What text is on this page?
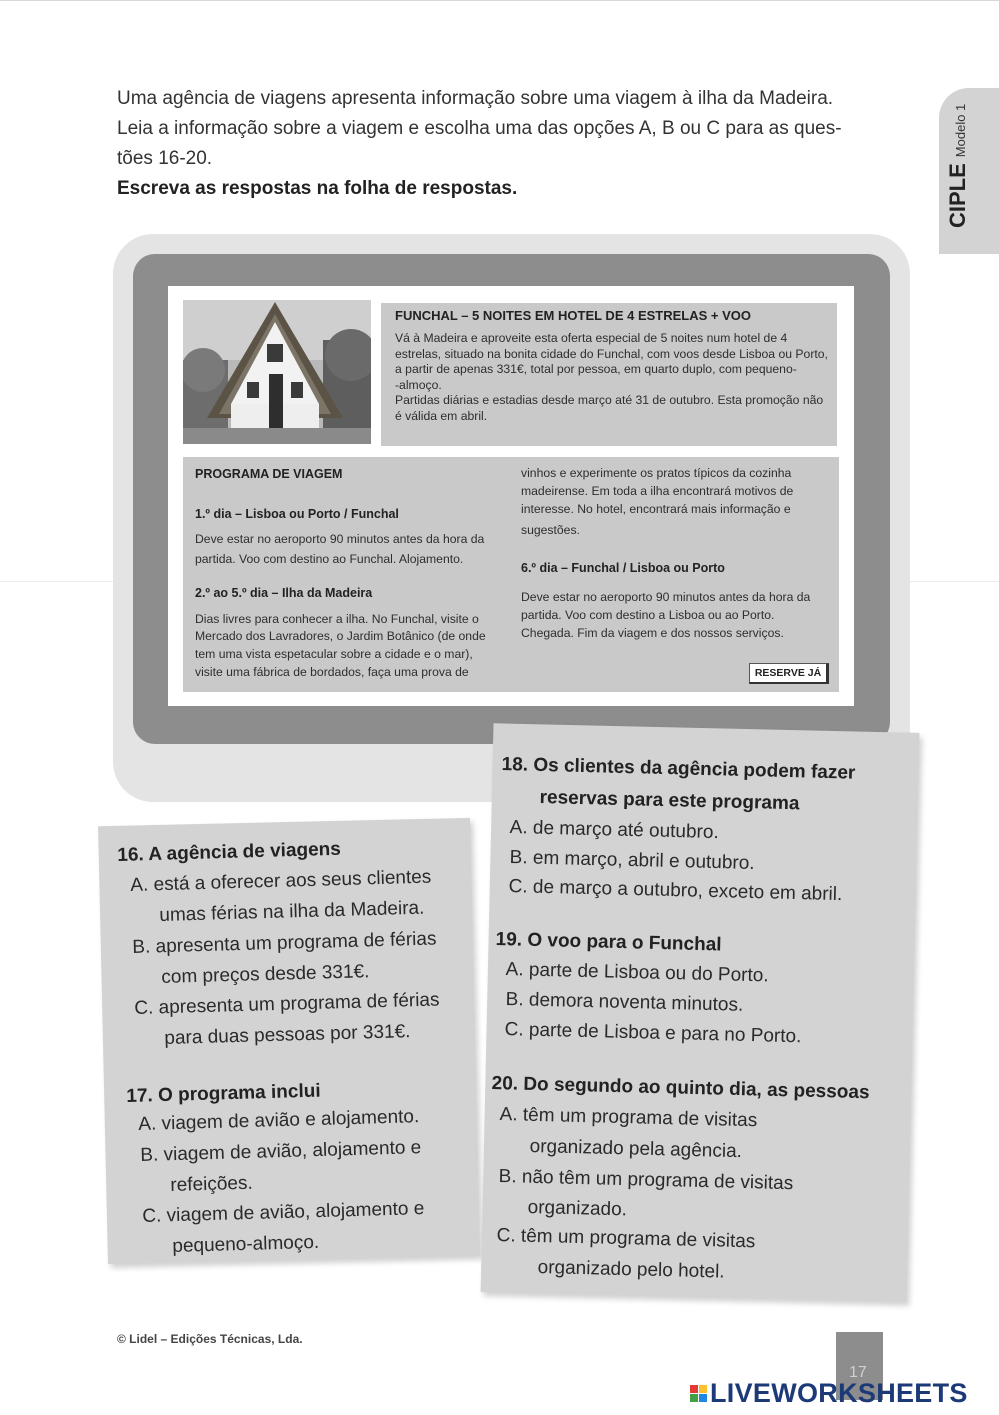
Uma agência de viagens apresenta informação sobre uma viagem à ilha da Madeira.

Leia a informação sobre a viagem e escolha uma das opções A, B ou C para as ques-

tões 16-20.

Escreva as respostas na folha de respostas.	CIPLE
Modelo 1
FUNCHAL – 5 NOITES EM HOTEL DE 4 ESTRELAS + VOO

Vá à Madeira e aproveite esta oferta especial de 5 noites num hotel de 4

estrelas, situado na bonita cidade do Funchal, com voos desde Lisboa ou Porto,

a partir de apenas 331€, total por pessoa, em quarto duplo, com pequeno-

-almoço.

Partidas diárias e estadias desde março até 31 de outubro. Esta promoção não

é válida em abril.

PROGRAMA DE VIAGEM
1.º dia – Lisboa ou Porto / Funchal
Deve estar no aeroporto 90 minutos antes da hora da
partida. Voo com destino ao Funchal. Alojamento.
2.º ao 5.º dia – Ilha da Madeira
Dias livres para conhecer a ilha. No Funchal, visite o
Mercado dos Lavradores, o Jardim Botânico (de onde
tem uma vista espetacular sobre a cidade e o mar),
visite uma fábrica de bordados, faça uma prova de
vinhos e experimente os pratos típicos da cozinha
madeirense. Em toda a ilha encontrará motivos de
interesse. No hotel, encontrará mais informação e
sugestões.
6.º dia – Funchal / Lisboa ou Porto
Deve estar no aeroporto 90 minutos antes da hora da
partida. Voo com destino a Lisboa ou ao Porto.
Chegada. Fim da viagem e dos nossos serviços.
RESERVE JÁ
16. A agência de viagens
A. está a oferecer aos seus clientes
umas férias na ilha da Madeira.
B. apresenta um programa de férias
com preços desde 331€.
C. apresenta um programa de férias
para duas pessoas por 331€.
17. O programa inclui
A. viagem de avião e alojamento.
B. viagem de avião, alojamento e
refeições.
C. viagem de avião, alojamento e
pequeno-almoço.
18. Os clientes da agência podem fazer
reservas para este programa
A. de março até outubro.
B. em março, abril e outubro.
C. de março a outubro, exceto em abril.
19. O voo para o Funchal
A. parte de Lisboa ou do Porto.
B. demora noventa minutos.
C. parte de Lisboa e para no Porto.
20. Do segundo ao quinto dia, as pessoas
A. têm um programa de visitas
organizado pela agência.
B. não têm um programa de visitas
organizado.
C. têm um programa de visitas
organizado pelo hotel.
© Lidel – Edições Técnicas, Lda.
17
LIVEWORKSHEETS
